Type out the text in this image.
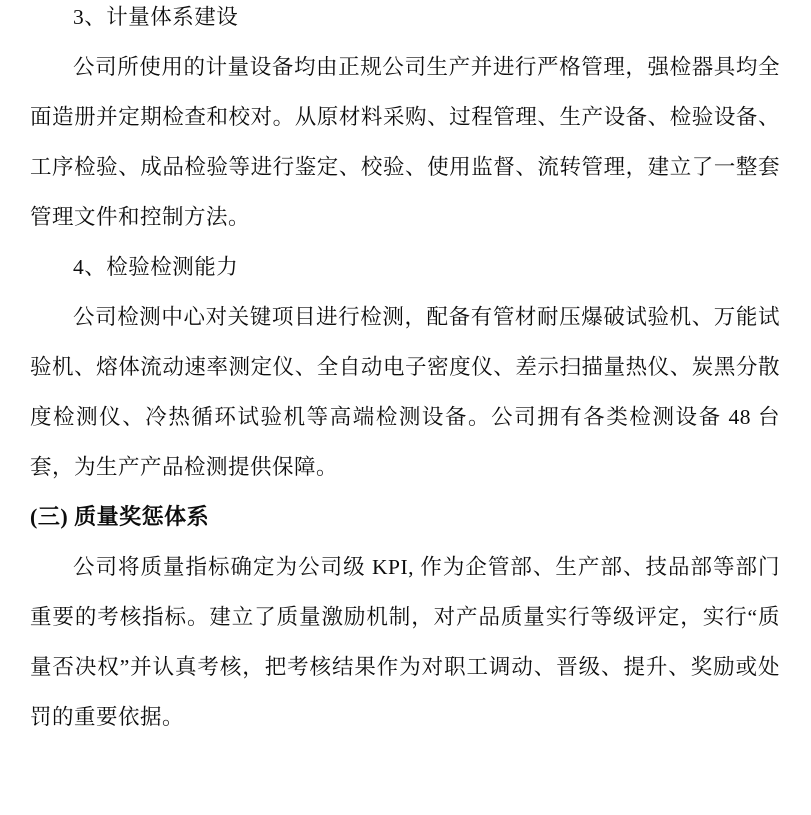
3、计量体系建设

公司所使用的计量设备均由正规公司生产并进行严格管理，强检器具均全面造册并定期检查和校对。从原材料采购、过程管理、生产设备、检验设备、工序检验、成品检验等进行鉴定、校验、使用监督、流转管理，建立了一整套管理文件和控制方法。

4、检验检测能力

公司检测中心对关键项目进行检测，配备有管材耐压爆破试验机、万能试验机、熔体流动速率测定仪、全自动电子密度仪、差示扫描量热仪、炭黑分散度检测仪、冷热循环试验机等高端检测设备。公司拥有各类检测设备 48 台套，为生产产品检测提供保障。

(三) 质量奖惩体系

公司将质量指标确定为公司级 KPI, 作为企管部、生产部、技品部等部门重要的考核指标。建立了质量激励机制，对产品质量实行等级评定，实行“质量否决权”并认真考核，把考核结果作为对职工调动、晋级、提升、奖励或处罚的重要依据。
